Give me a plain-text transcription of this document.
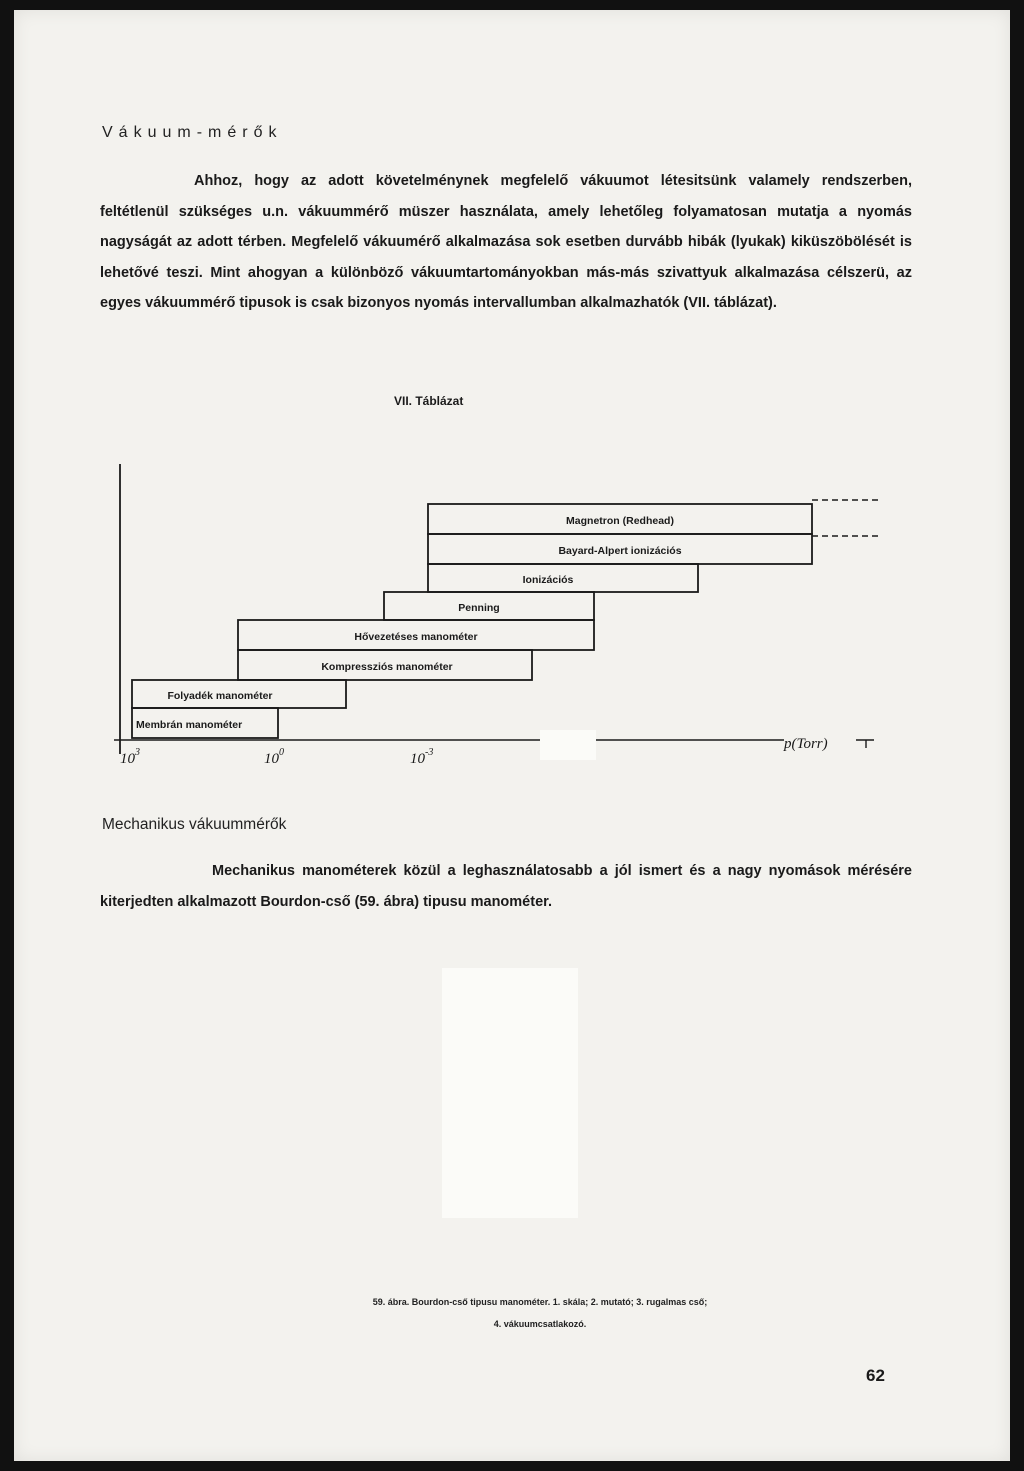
Vákuum-mérők
Ahhoz, hogy az adott követelménynek megfelelő vákuumot létesitsünk valamely rendszerben, feltétlenül szükséges u.n. vákuummérő müszer használata, amely lehetőleg folyamatosan mutatja a nyomás nagyságát az adott térben. Megfelelő vákuumérő alkalmazása sok esetben durvább hibák (lyukak) kiküszöbölését is lehetővé teszi. Mint ahogyan a különböző vákuumtartományokban más-más szivattyuk alkalmazása célszerü, az egyes vákuummérő tipusok is csak bizonyos nyomás intervallumban alkalmazhatók (VII. táblázat).
VII. Táblázat
Magnetron (Redhead)
Bayard-Alpert ionizációs
Ionizációs
Penning
Hővezetéses manométer
Kompressziós manométer
Folyadék manométer
Membrán manométer
$10^3$	$10^0$	$10^{-3}$
p(Torr)
Mechanikus vákuummérők
Mechanikus manométerek közül a leghasználatosabb a jól ismert és a nagy nyomások mérésére kiterjedten alkalmazott Bourdon-cső (59. ábra) tipusu manométer.
59. ábra. Bourdon-cső tipusu manométer. 1. skála; 2. mutató; 3. rugalmas cső;
4. vákuumcsatlakozó.
62
